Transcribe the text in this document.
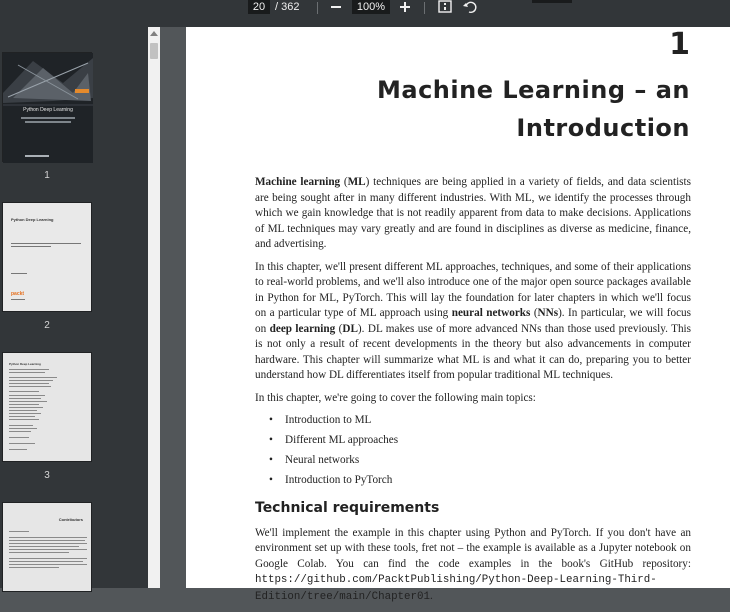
20 / 362	100%
Python Deep Learning
1
Python Deep Learning
packt
2
Python Deep Learning
3
Contributors
1
Machine Learning – an
Introduction

Machine learning (ML) techniques are being applied in a variety of fields, and data scientists are being sought after in many different industries. With ML, we identify the processes through which we gain knowledge that is not readily apparent from data to make decisions. Applications of ML techniques may vary greatly and are found in disciplines as diverse as medicine, finance, and advertising.

In this chapter, we'll present different ML approaches, techniques, and some of their applications to real-world problems, and we'll also introduce one of the major open source packages available in Python for ML, PyTorch. This will lay the foundation for later chapters in which we'll focus on a particular type of ML approach using neural networks (NNs). In particular, we will focus on deep learning (DL). DL makes use of more advanced NNs than those used previously. This is not only a result of recent developments in the theory but also advancements in computer hardware. This chapter will summarize what ML is and what it can do, preparing you to better understand how DL differentiates itself from popular traditional ML techniques.

In this chapter, we're going to cover the following main topics:

• Introduction to ML
• Different ML approaches
• Neural networks
• Introduction to PyTorch
Technical requirements

We'll implement the example in this chapter using Python and PyTorch. If you don't have an environment set up with these tools, fret not – the example is available as a Jupyter notebook on Google Colab. You can find the code examples in the book's GitHub repository: https://github.com/PacktPublishing/Python-Deep-Learning-Third-Edition/tree/main/Chapter01.
